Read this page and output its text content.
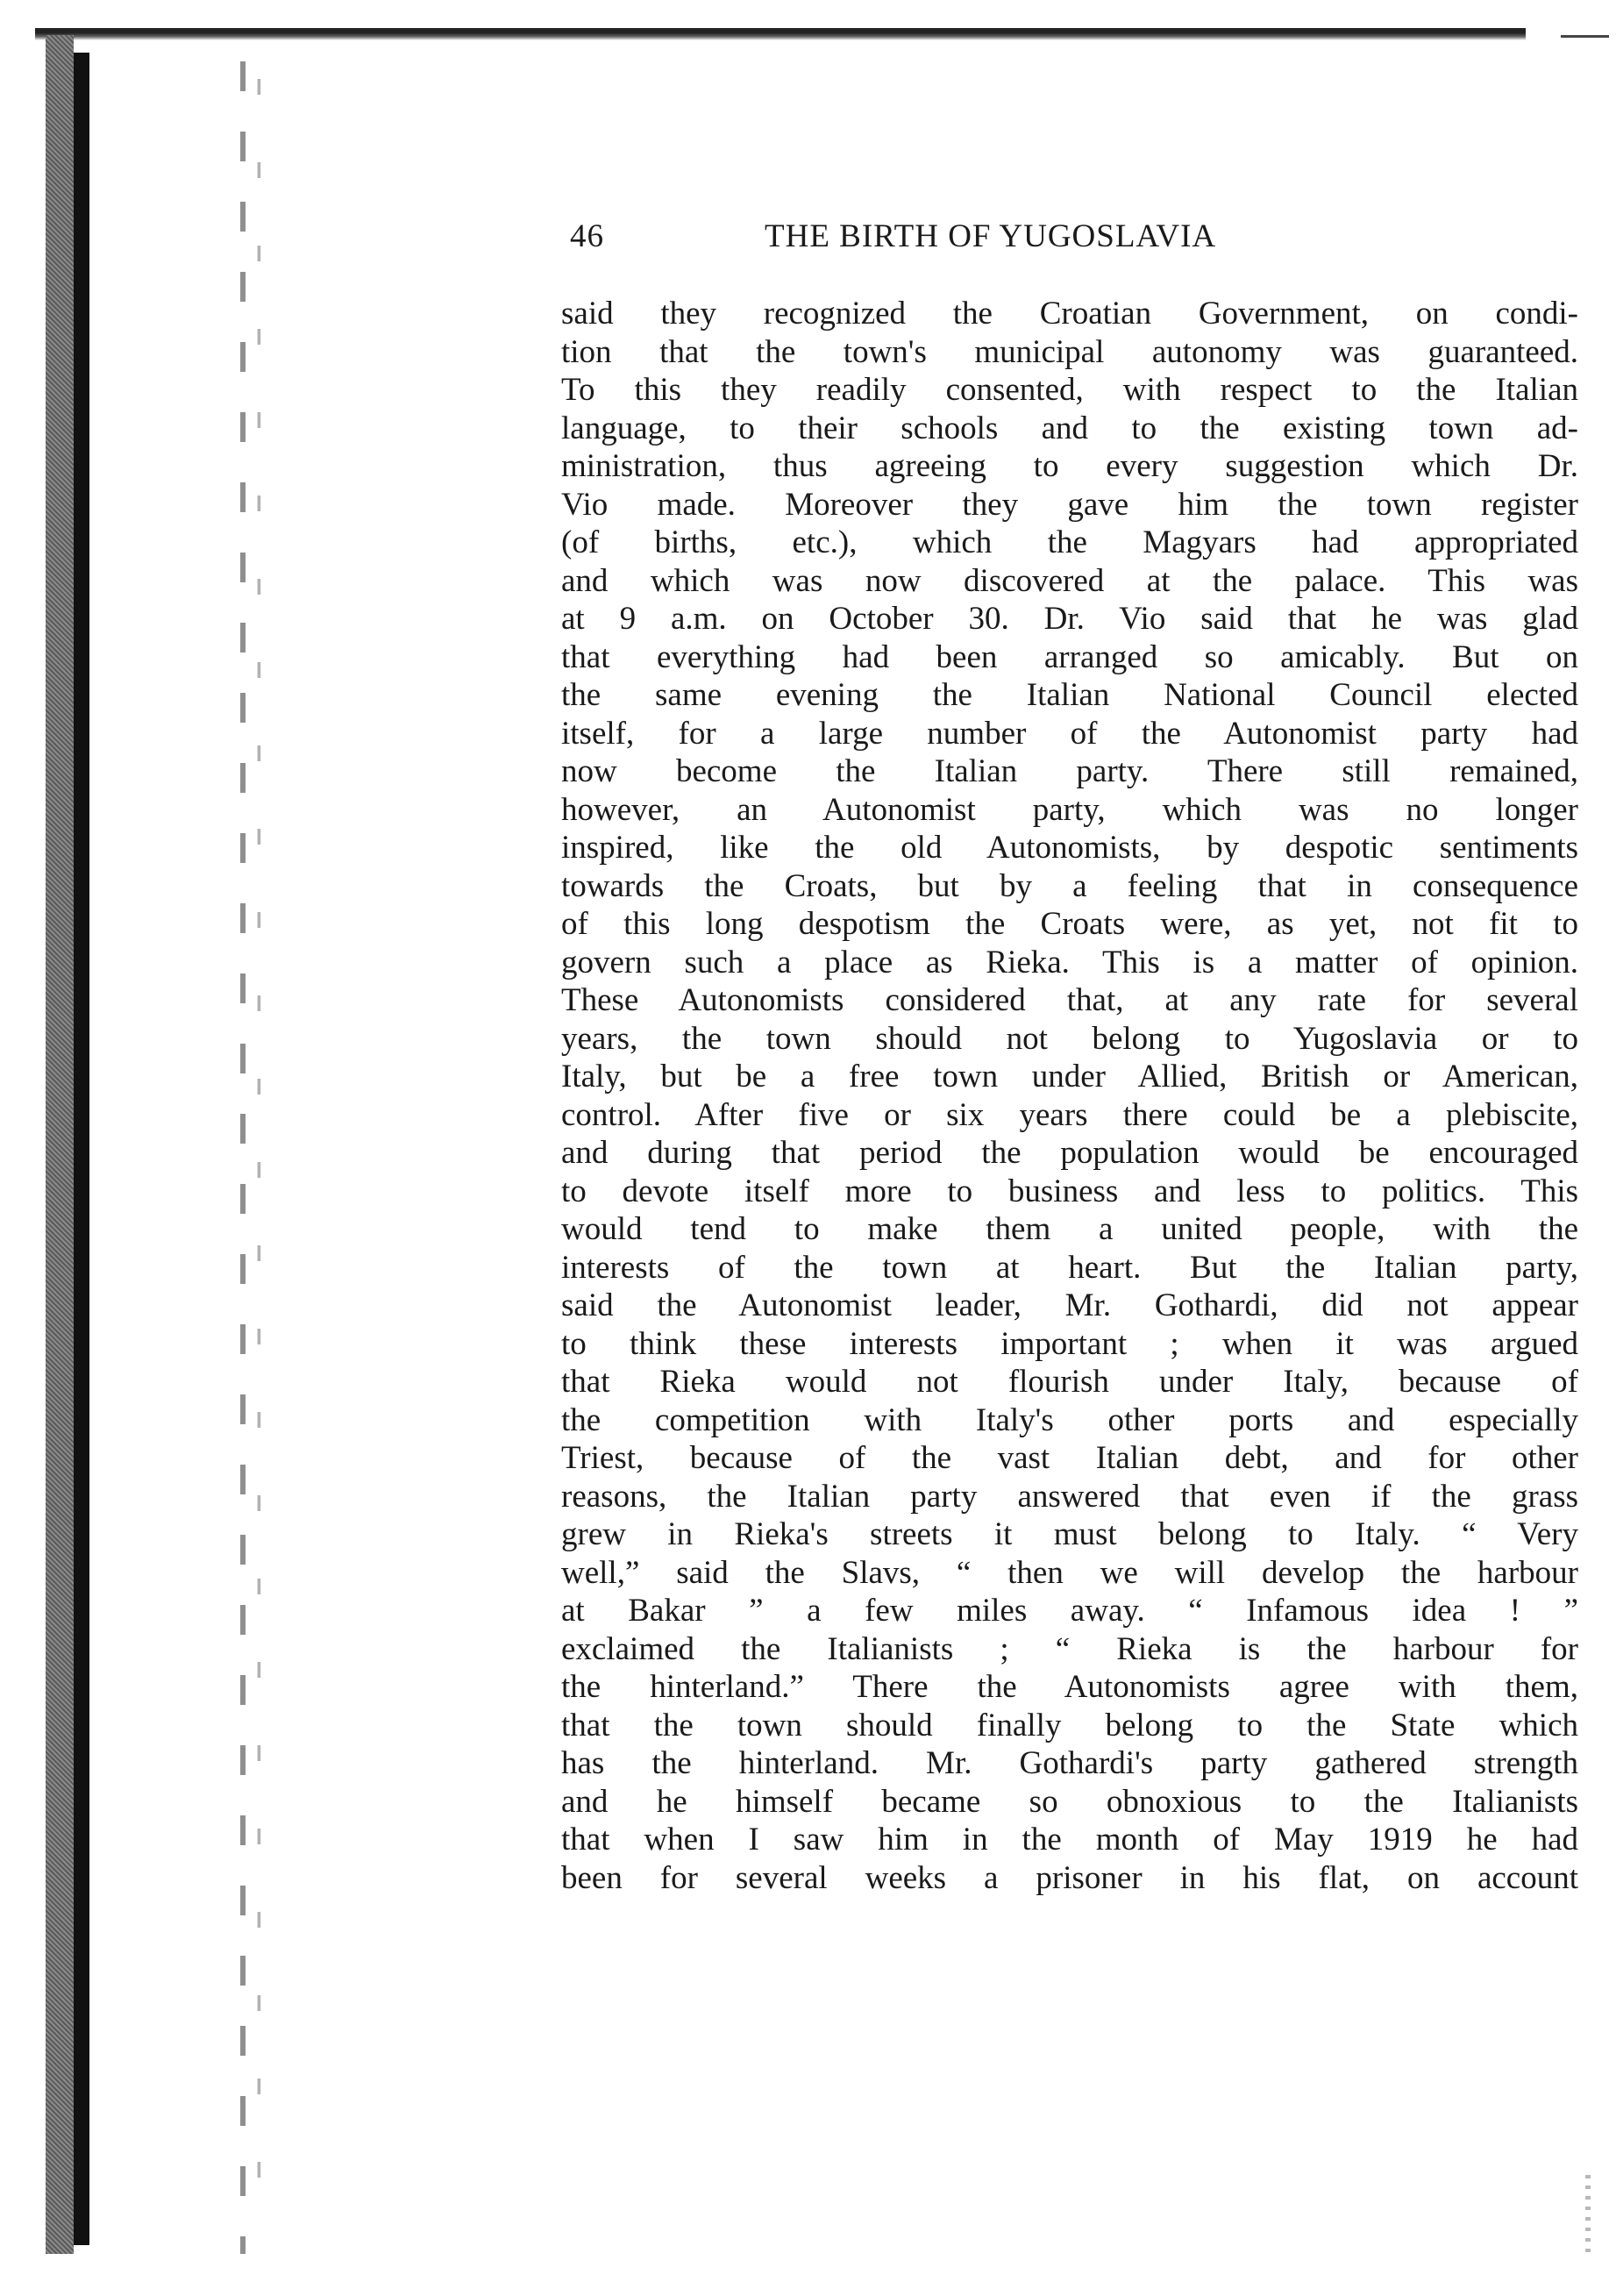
46	THE BIRTH OF YUGOSLAVIA
said they recognized the Croatian Government, on condi-
tion that the town's municipal autonomy was guaranteed.
To this they readily consented, with respect to the Italian
language, to their schools and to the existing town ad-
ministration, thus agreeing to every suggestion which Dr.
Vio made. Moreover they gave him the town register
(of births, etc.), which the Magyars had appropriated
and which was now discovered at the palace. This was
at 9 a.m. on October 30. Dr. Vio said that he was glad
that everything had been arranged so amicably. But on
the same evening the Italian National Council elected
itself, for a large number of the Autonomist party had
now become the Italian party. There still remained,
however, an Autonomist party, which was no longer
inspired, like the old Autonomists, by despotic sentiments
towards the Croats, but by a feeling that in consequence
of this long despotism the Croats were, as yet, not fit to
govern such a place as Rieka. This is a matter of opinion.
These Autonomists considered that, at any rate for several
years, the town should not belong to Yugoslavia or to
Italy, but be a free town under Allied, British or American,
control. After five or six years there could be a plebiscite,
and during that period the population would be encouraged
to devote itself more to business and less to politics. This
would tend to make them a united people, with the
interests of the town at heart. But the Italian party,
said the Autonomist leader, Mr. Gothardi, did not appear
to think these interests important ; when it was argued
that Rieka would not flourish under Italy, because of
the competition with Italy's other ports and especially
Triest, because of the vast Italian debt, and for other
reasons, the Italian party answered that even if the grass
grew in Rieka's streets it must belong to Italy. “ Very
well,” said the Slavs, “ then we will develop the harbour
at Bakar ” a few miles away. “ Infamous idea ! ”
exclaimed the Italianists ; “ Rieka is the harbour for
the hinterland.” There the Autonomists agree with them,
that the town should finally belong to the State which
has the hinterland. Mr. Gothardi's party gathered strength
and he himself became so obnoxious to the Italianists
that when I saw him in the month of May 1919 he had
been for several weeks a prisoner in his flat, on account
